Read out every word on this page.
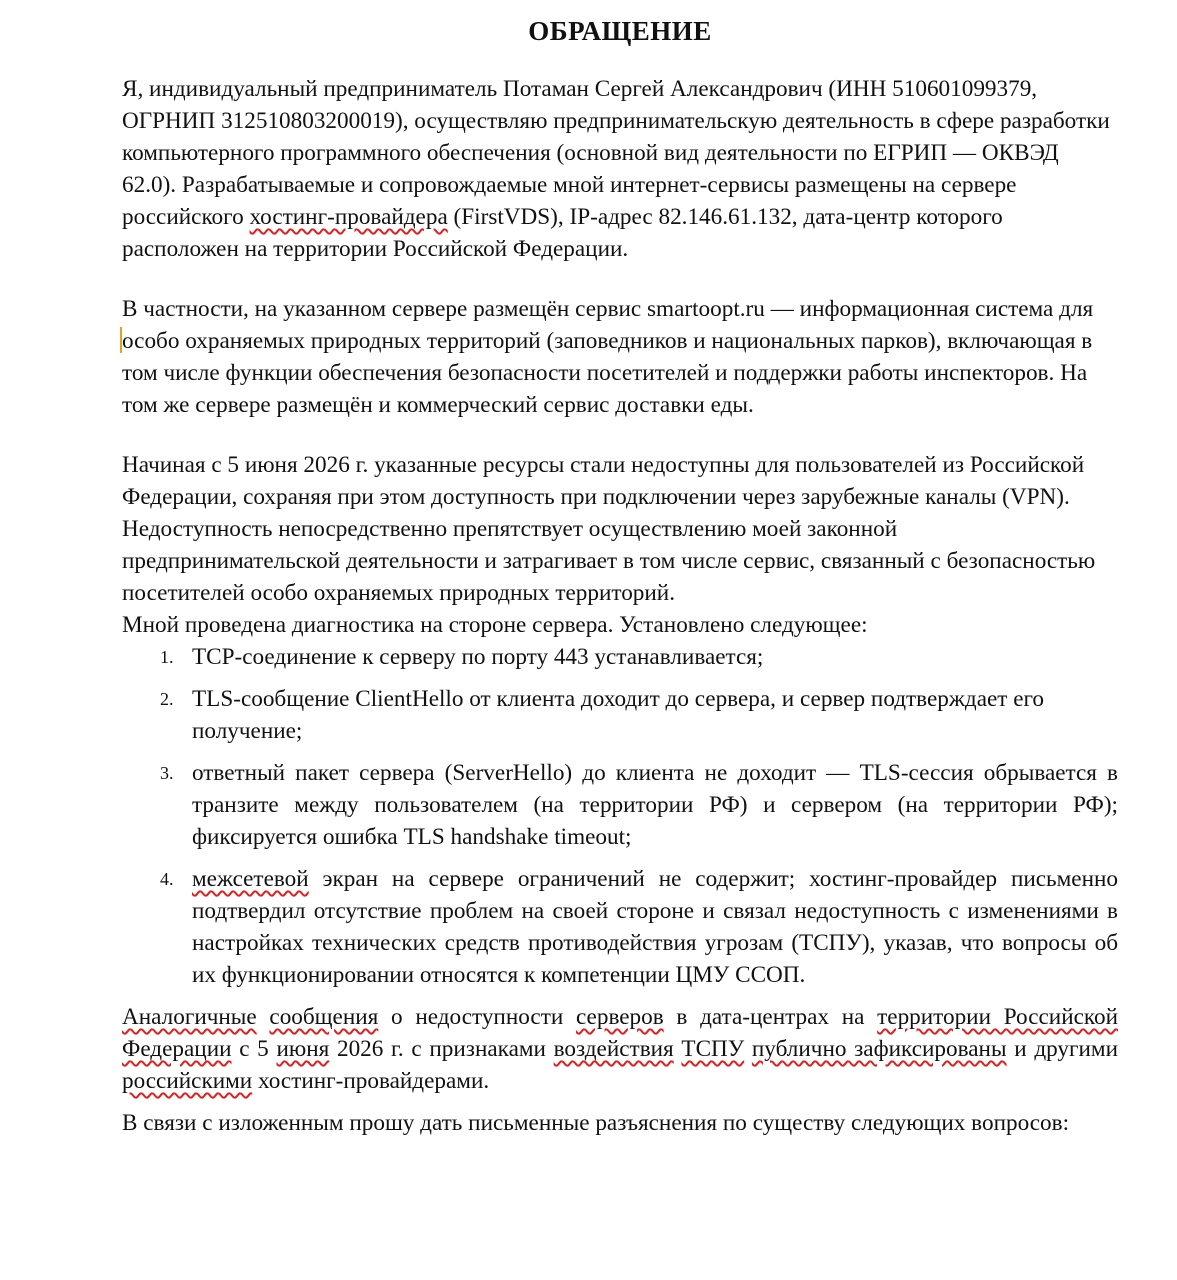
ОБРАЩЕНИЕ

Я, индивидуальный предприниматель Потаман Сергей Александрович (ИНН 510601099379, ОГРНИП 312510803200019), осуществляю предпринимательскую деятельность в сфере разработки компьютерного программного обеспечения (основной вид деятельности по ЕГРИП — ОКВЭД 62.0). Разрабатываемые и сопровождаемые мной интернет-сервисы размещены на сервере российского хостинг-провайдера (FirstVDS), IP-адрес 82.146.61.132, дата-центр которого расположен на территории Российской Федерации.

В частности, на указанном сервере размещён сервис smartoopt.ru — информационная система для особо охраняемых природных территорий (заповедников и национальных парков), включающая в том числе функции обеспечения безопасности посетителей и поддержки работы инспекторов. На том же сервере размещён и коммерческий сервис доставки еды.

Начиная с 5 июня 2026 г. указанные ресурсы стали недоступны для пользователей из Российской Федерации, сохраняя при этом доступность при подключении через зарубежные каналы (VPN). Недоступность непосредственно препятствует осуществлению моей законной предпринимательской деятельности и затрагивает в том числе сервис, связанный с безопасностью посетителей особо охраняемых природных территорий.

Мной проведена диагностика на стороне сервера. Установлено следующее:

1. TCP-соединение к серверу по порту 443 устанавливается;
2. TLS-сообщение ClientHello от клиента доходит до сервера, и сервер подтверждает его получение;
3. ответный пакет сервера (ServerHello) до клиента не доходит — TLS-сессия обрывается в транзите между пользователем (на территории РФ) и сервером (на территории РФ); фиксируется ошибка TLS handshake timeout;
4. межсетевой экран на сервере ограничений не содержит; хостинг-провайдер письменно подтвердил отсутствие проблем на своей стороне и связал недоступность с изменениями в настройках технических средств противодействия угрозам (ТСПУ), указав, что вопросы об их функционировании относятся к компетенции ЦМУ ССОП.

Аналогичные сообщения о недоступности серверов в дата-центрах на территории Российской Федерации с 5 июня 2026 г. с признаками воздействия ТСПУ публично зафиксированы и другими российскими хостинг-провайдерами.

В связи с изложенным прошу дать письменные разъяснения по существу следующих вопросов:
